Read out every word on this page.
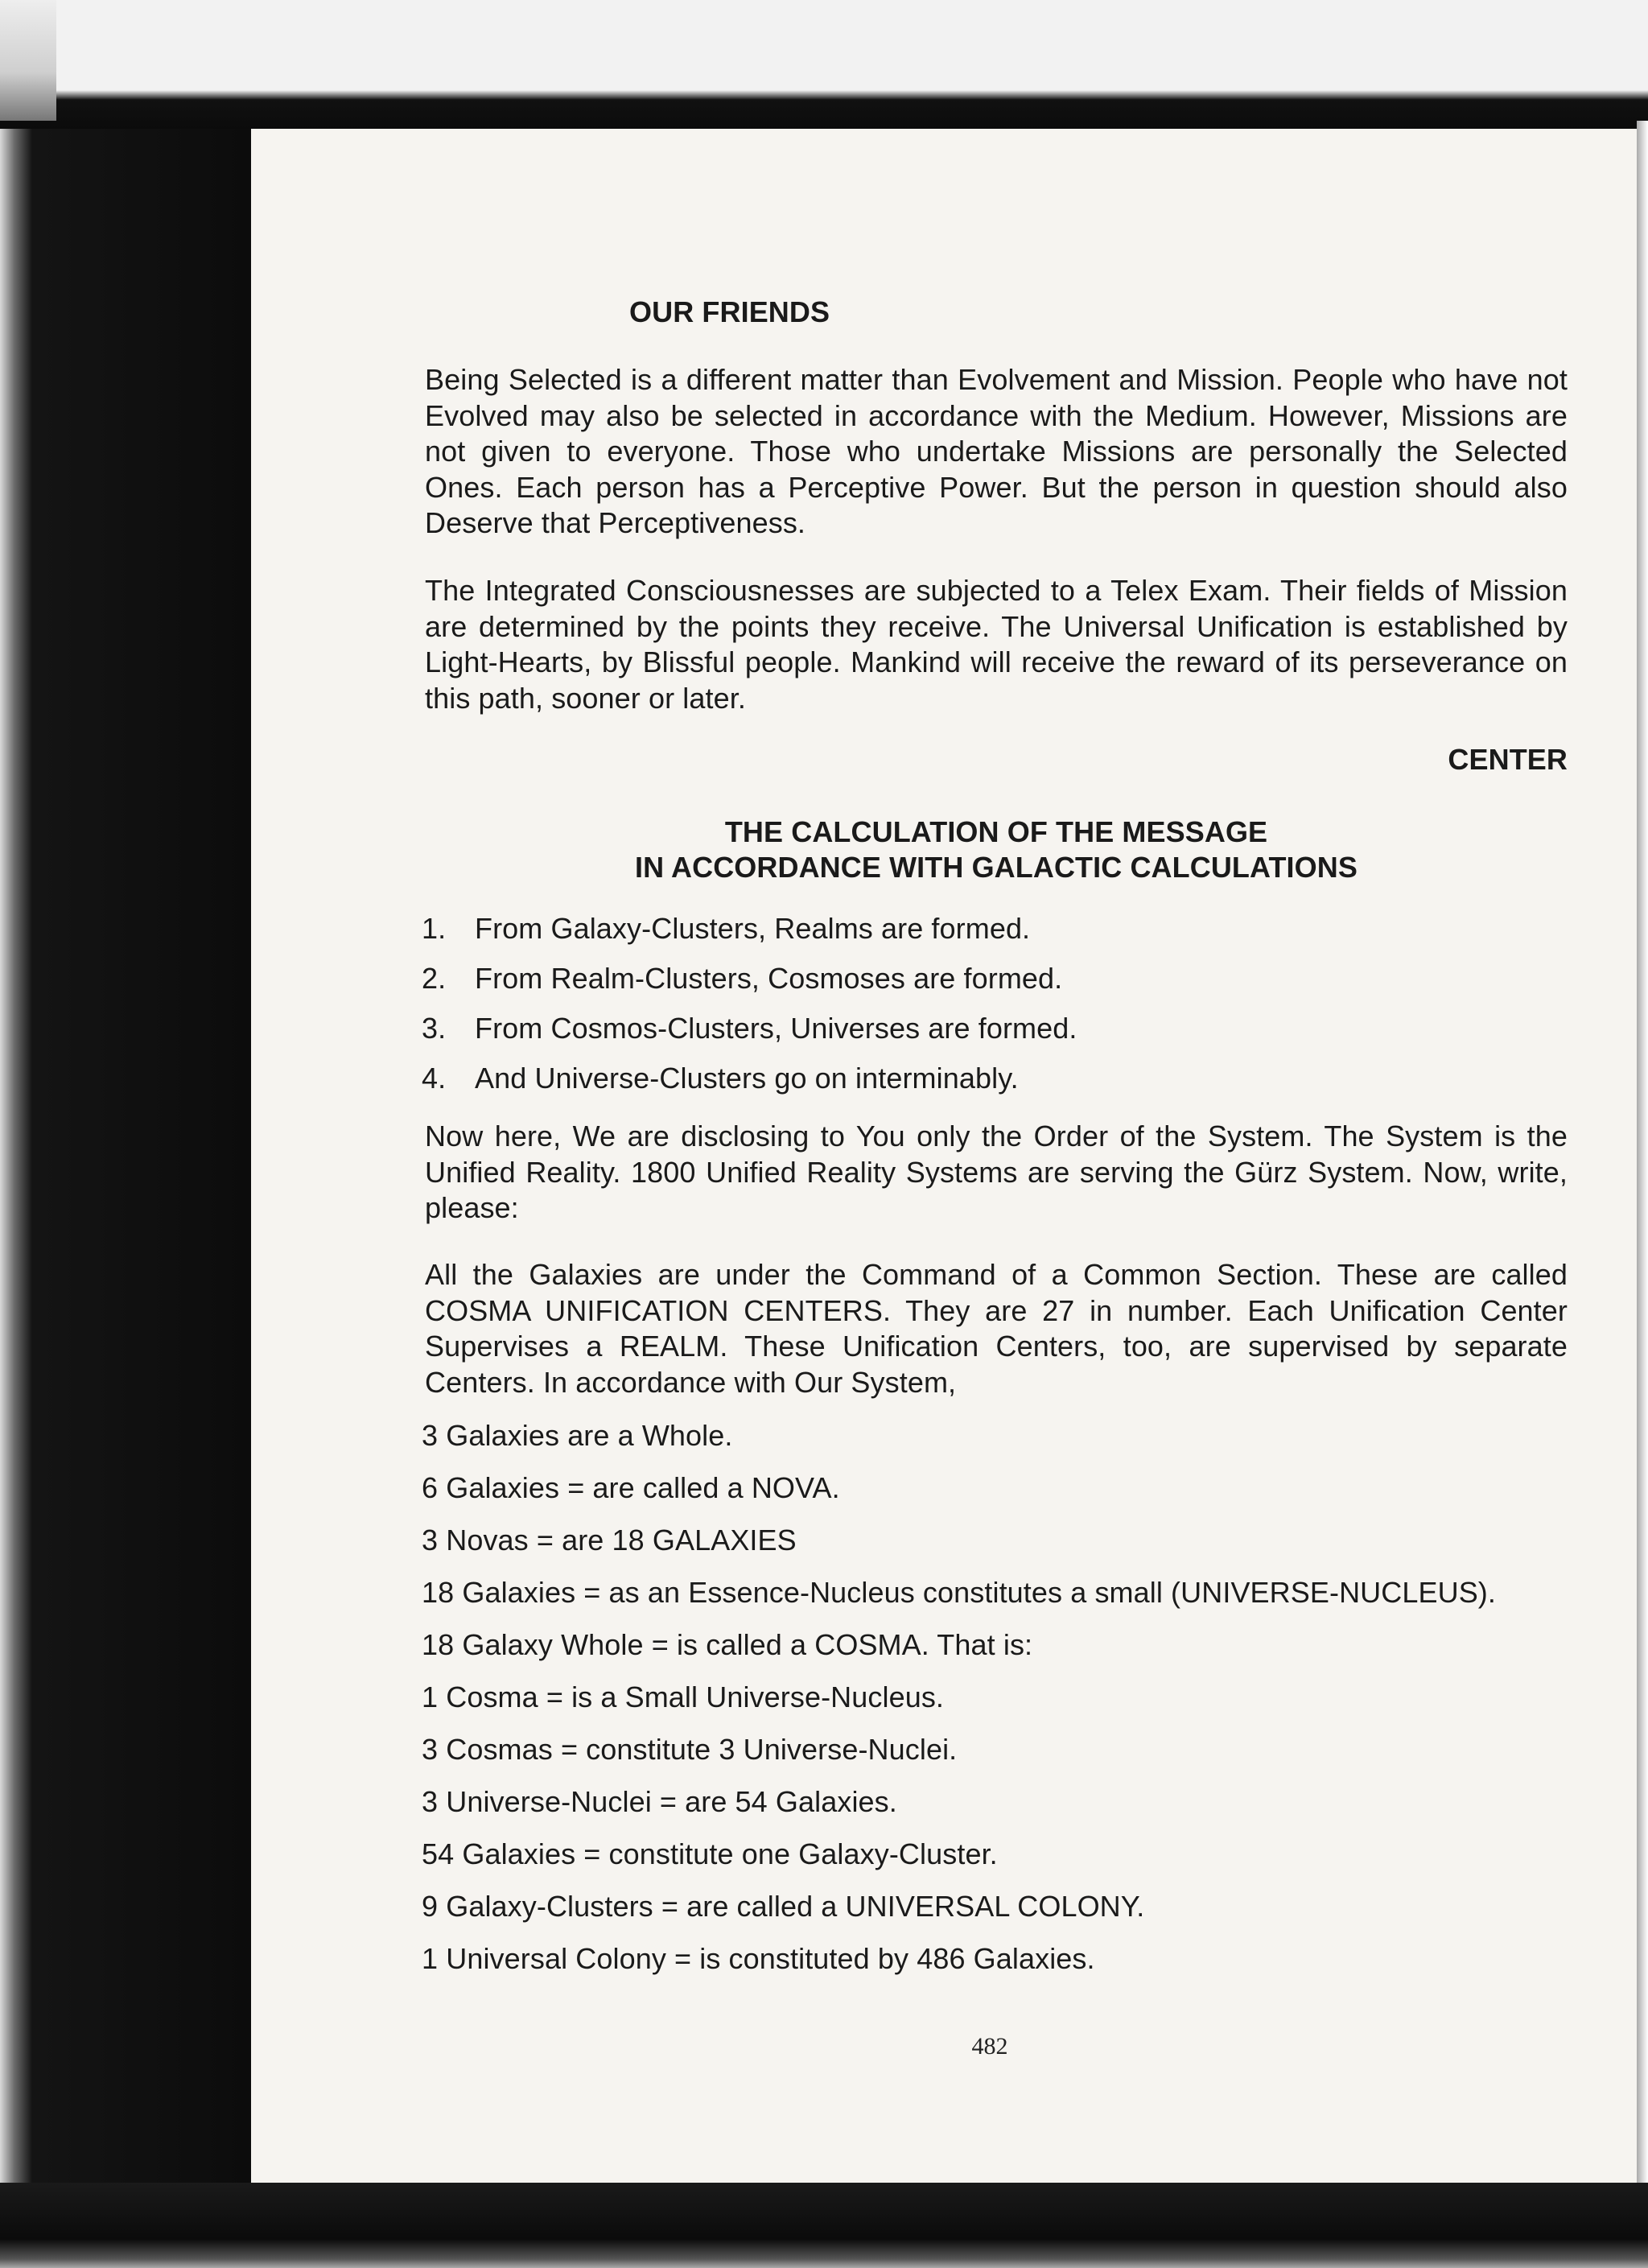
OUR FRIENDS

Being Selected is a different matter than Evolvement and Mission. People who have not Evolved may also be selected in accordance with the Medium. However, Missions are not given to everyone. Those who undertake Missions are personally the Selected Ones. Each person has a Perceptive Power. But the person in question should also Deserve that Perceptiveness.

The Integrated Consciousnesses are subjected to a Telex Exam. Their fields of Mission are determined by the points they receive. The Universal Unification is established by Light-Hearts, by Blissful people. Mankind will receive the reward of its perseverance on this path, sooner or later.

CENTER

THE CALCULATION OF THE MESSAGE

IN ACCORDANCE WITH GALACTIC CALCULATIONS

1. From Galaxy-Clusters, Realms are formed.

2. From Realm-Clusters, Cosmoses are formed.

3. From Cosmos-Clusters, Universes are formed.

4. And Universe-Clusters go on interminably.

Now here, We are disclosing to You only the Order of the System. The System is the Unified Reality. 1800 Unified Reality Systems are serving the Gürz System. Now, write, please:

All the Galaxies are under the Command of a Common Section. These are called COSMA UNIFICATION CENTERS. They are 27 in number. Each Unification Center Supervises a REALM. These Unification Centers, too, are supervised by separate Centers. In accordance with Our System,

3 Galaxies are a Whole.

6 Galaxies = are called a NOVA.

3 Novas = are 18 GALAXIES

18 Galaxies = as an Essence-Nucleus constitutes a small (UNIVERSE-NUCLEUS).

18 Galaxy Whole = is called a COSMA. That is:

1 Cosma = is a Small Universe-Nucleus.

3 Cosmas = constitute 3 Universe-Nuclei.

3 Universe-Nuclei = are 54 Galaxies.

54 Galaxies = constitute one Galaxy-Cluster.

9 Galaxy-Clusters = are called a UNIVERSAL COLONY.

1 Universal Colony = is constituted by 486 Galaxies.

482
